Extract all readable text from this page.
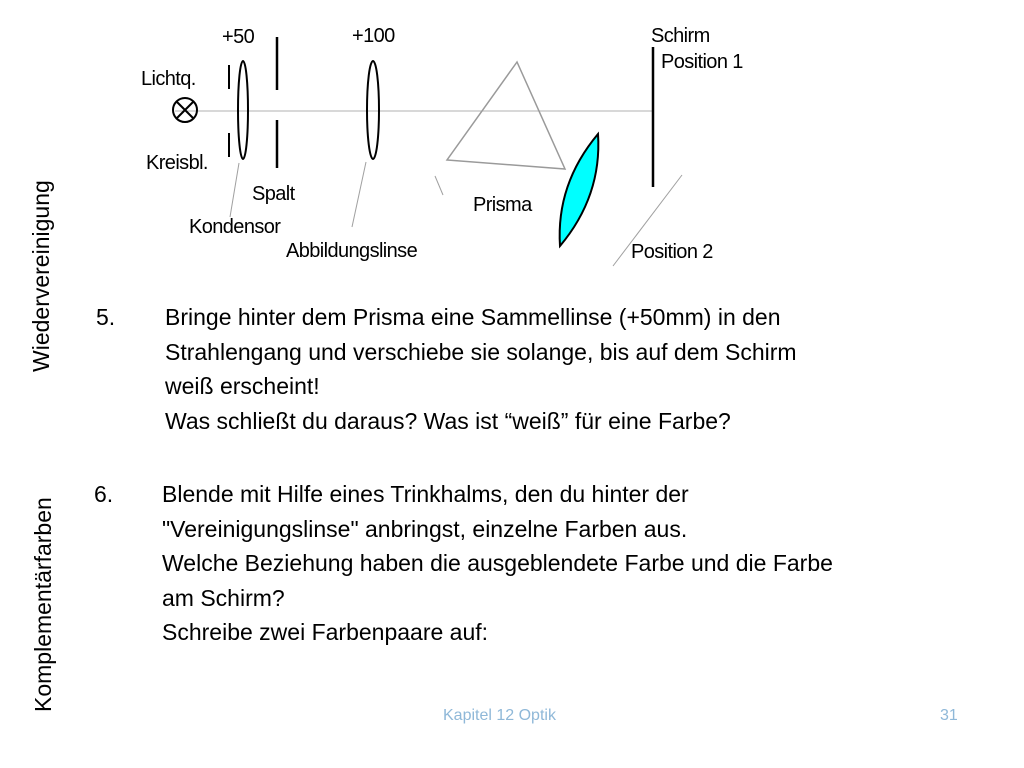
+50	+100	Schirm
Position 1
Lichtq.
Kreisbl.
Spalt
Kondensor
Abbildungslinse
Prisma
Position 2
Wiedervereinigung
Komplementärfarben
5. Bringe hinter dem Prisma eine Sammellinse (+50mm) in den
Strahlengang und verschiebe sie solange, bis auf dem Schirm
weiß erscheint!
Was schließt du daraus? Was ist “weiß” für eine Farbe?
6. Blende mit Hilfe eines Trinkhalms, den du hinter der
"Vereinigungslinse" anbringst, einzelne Farben aus.
Welche Beziehung haben die ausgeblendete Farbe und die Farbe
am Schirm?
Schreibe zwei Farbenpaare auf:
Kapitel 12 Optik	31
